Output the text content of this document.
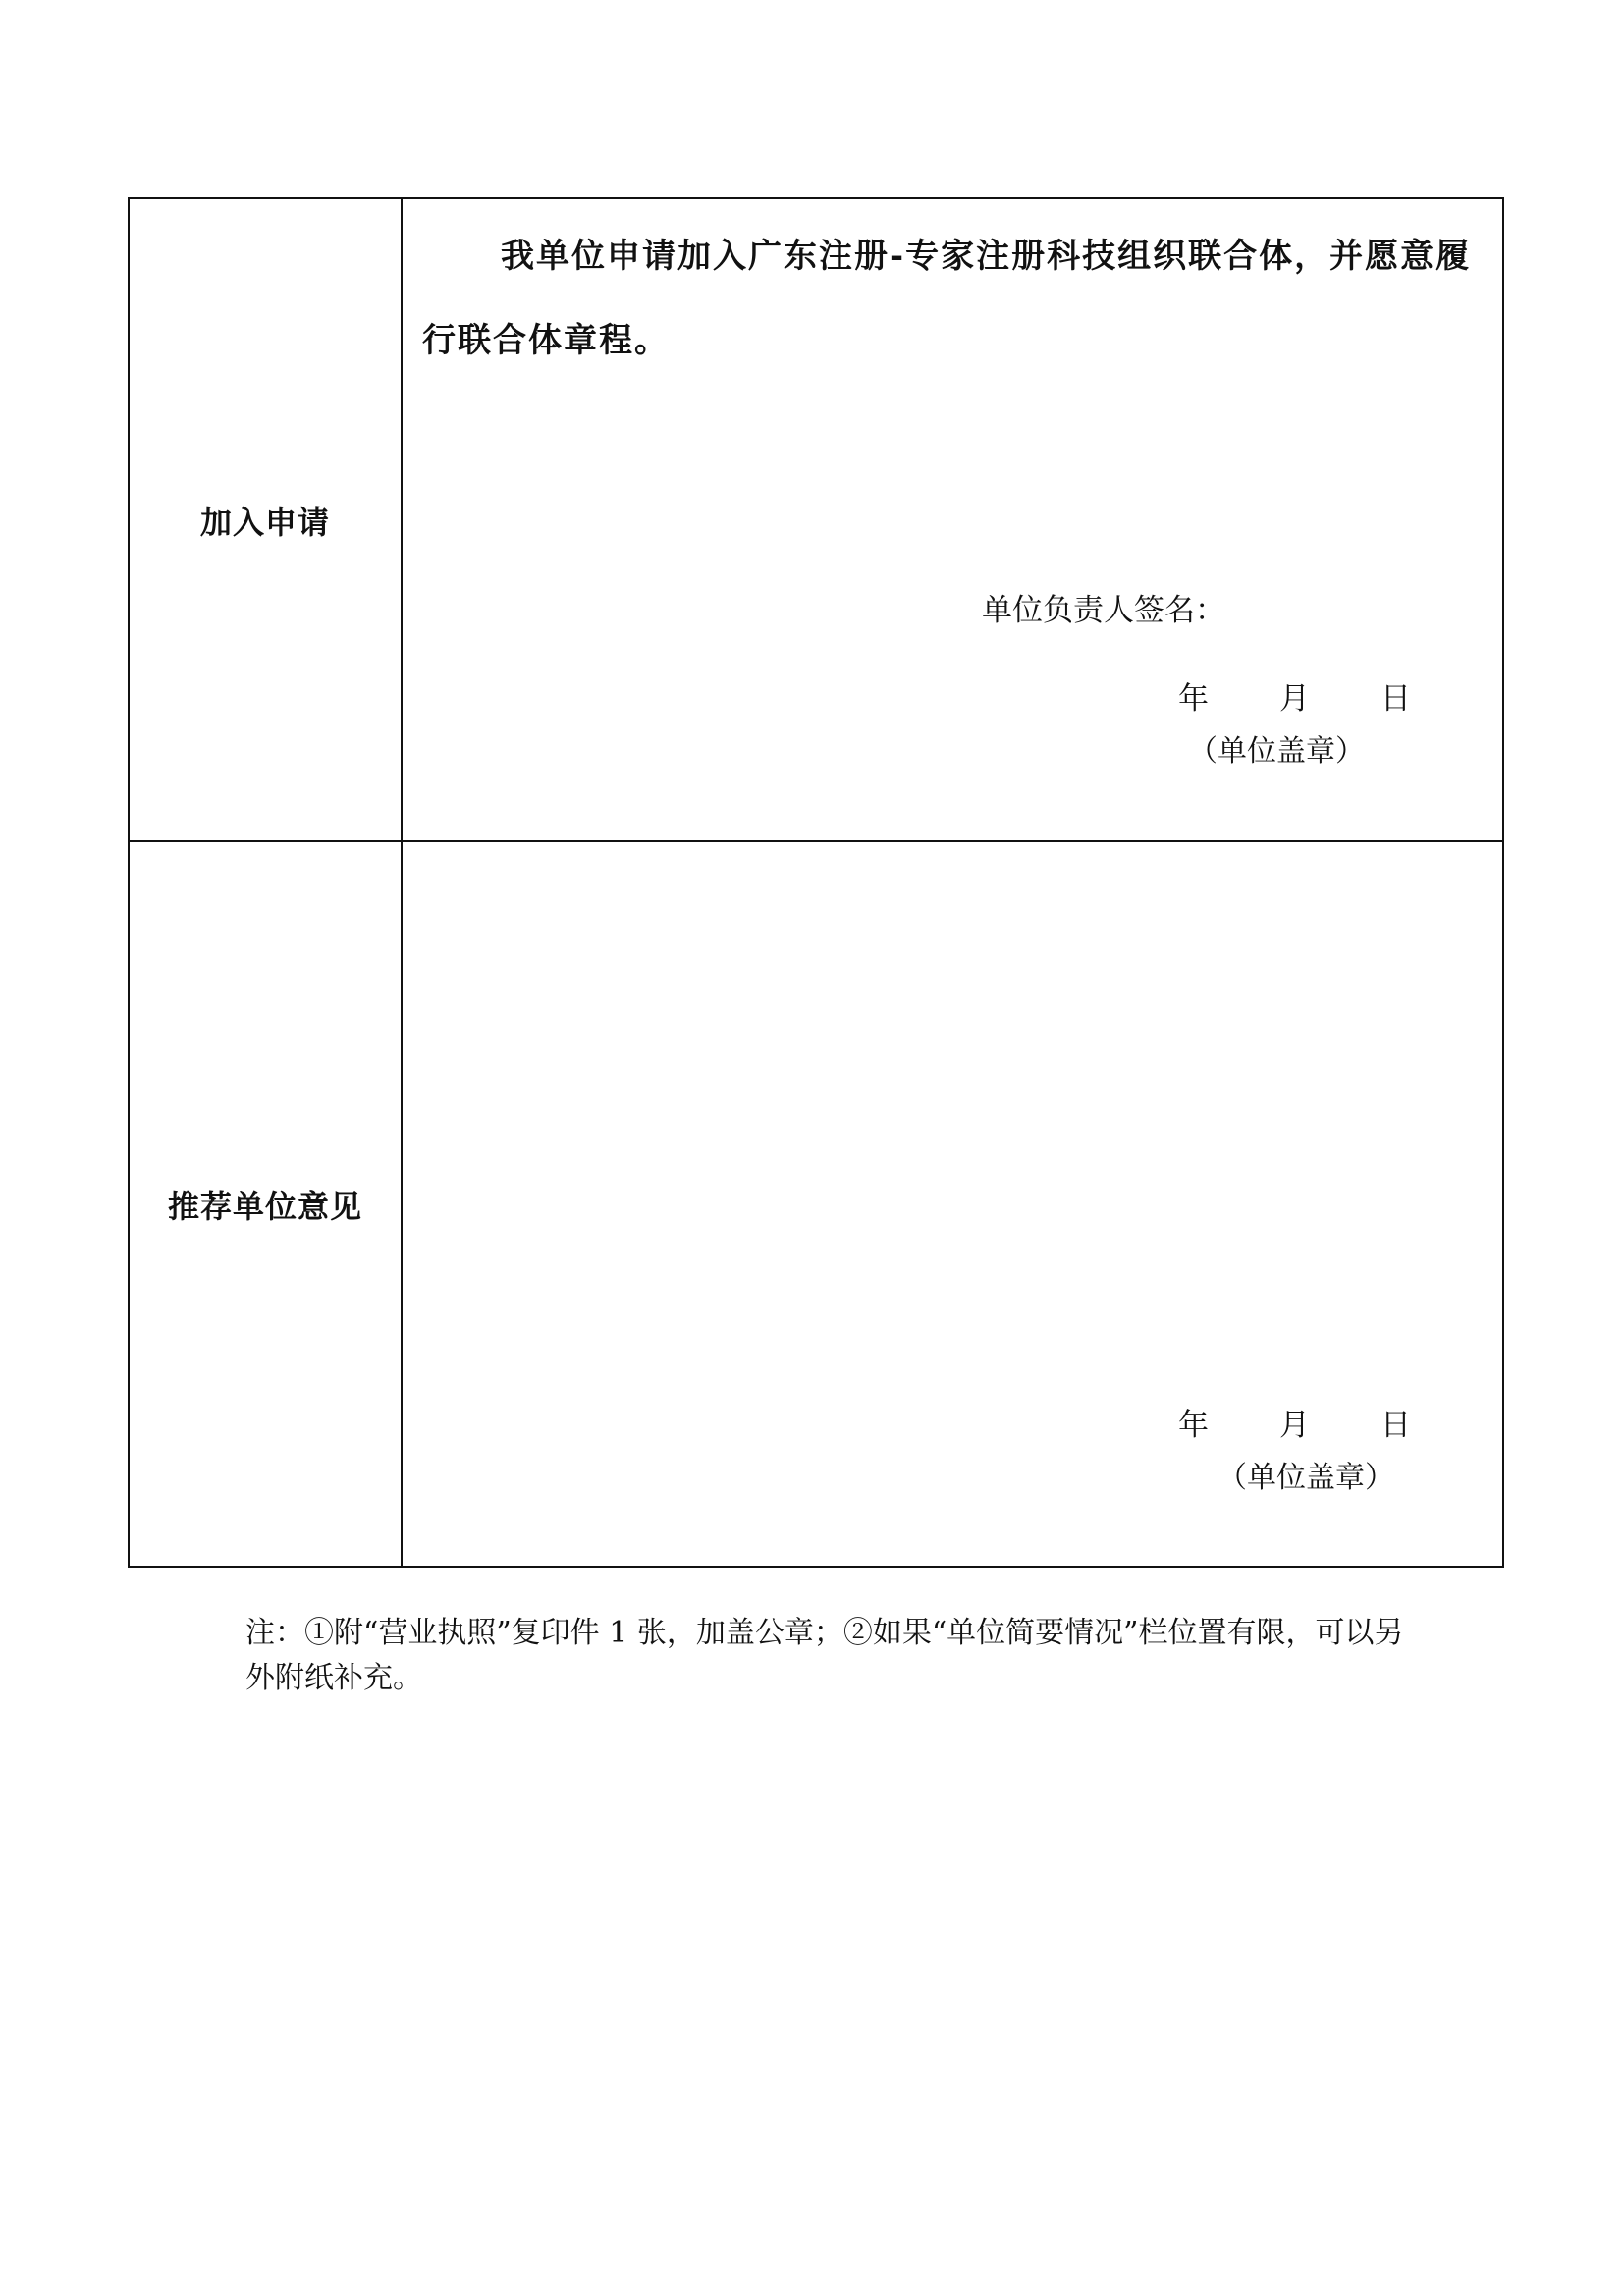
加入申请	我单位申请加入广东注册-专家注册科技组织联合体，并愿意履行联合体章程。

单位负责人签名：
年 月 日
（单位盖章）

推荐单位意见	年 月 日
（单位盖章）

注：①附“营业执照”复印件 1 张，加盖公章；②如果“单位简要情况”栏位置有限，可以另外附纸补充。
